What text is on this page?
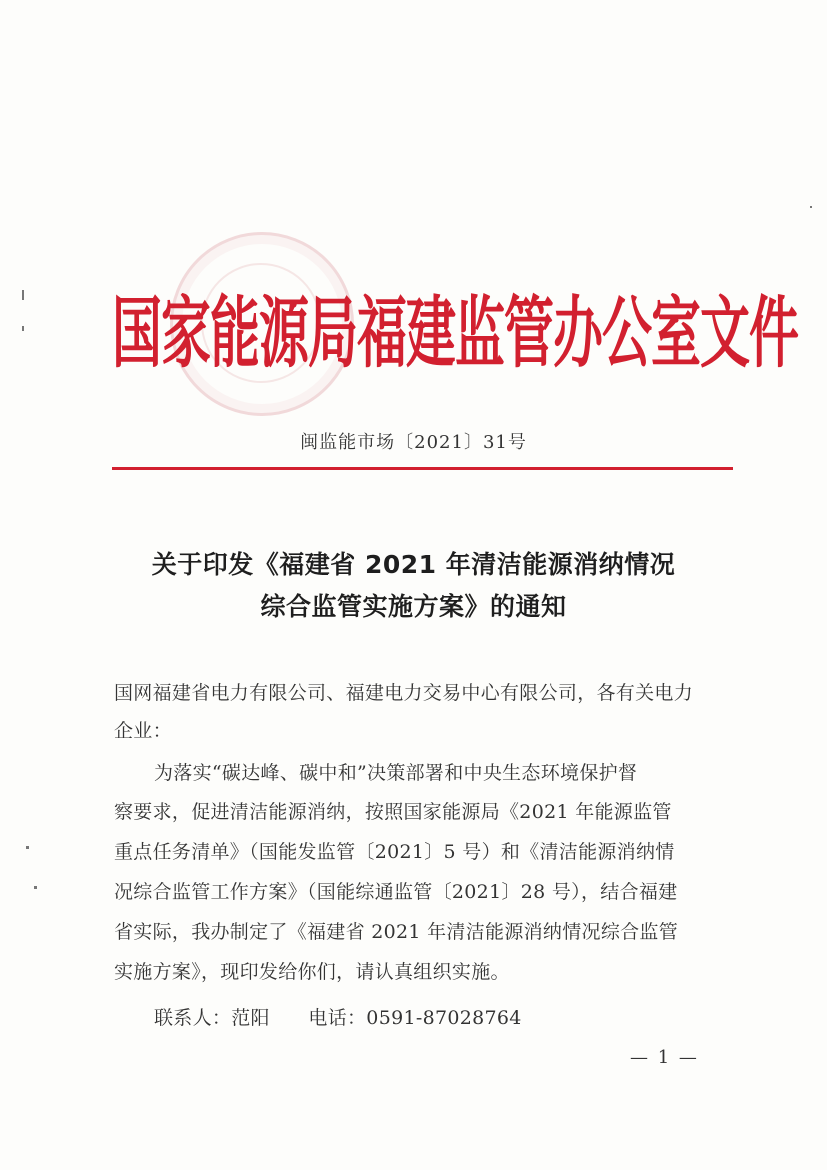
国家能源局福建监管办公室文件
闽监能市场〔2021〕31号
关于印发《福建省 2021 年清洁能源消纳情况
综合监管实施方案》的通知
国网福建省电力有限公司、福建电力交易中心有限公司，各有关电力
企业：
为落实“碳达峰、碳中和”决策部署和中央生态环境保护督
察要求，促进清洁能源消纳，按照国家能源局《2021 年能源监管
重点任务清单》（国能发监管〔2021〕5 号）和《清洁能源消纳情
况综合监管工作方案》（国能综通监管〔2021〕28 号），结合福建
省实际，我办制定了《福建省 2021 年清洁能源消纳情况综合监管
实施方案》，现印发给你们，请认真组织实施。
联系人：范阳　　电话：0591-87028764
— 1 —
